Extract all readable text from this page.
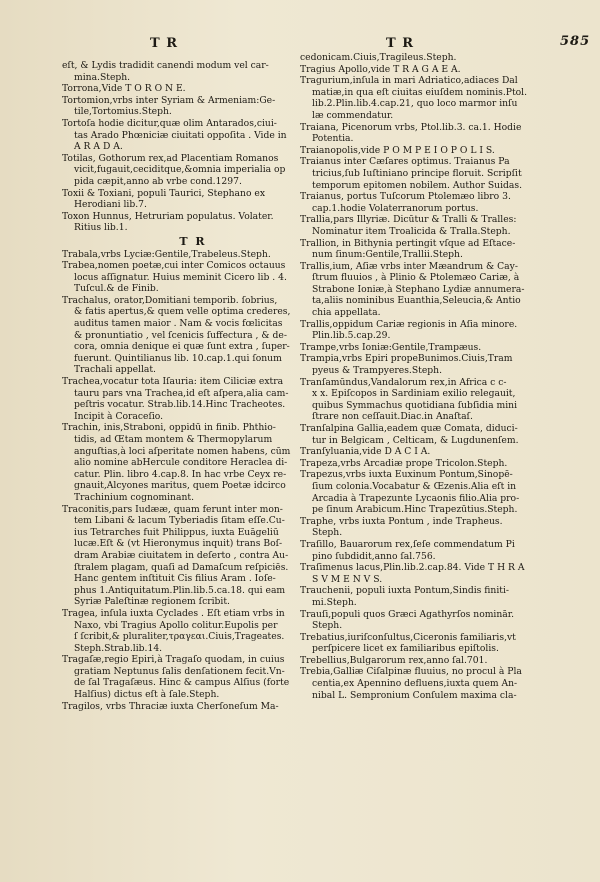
T R	T R	585
eſt, & Lydis tradidit canendi modum vel car-
mina.Steph.
Torrona,Vide T O R O N E.
Tortomion,vrbs inter Syriam & Armeniam:Ge-
tile,Tortomius.Steph.
Tortoſa hodie dicitur,quæ olim Antarados,ciui-
tas Arado Phœniciæ ciuitati oppoſita . Vide in
A R A D A.
Totilas, Gothorum rex,ad Placentiam Romanos
vicit,fugauit,ceciditque,&omnia imperialia op
pida cæpit,anno ab vrbe cond.1297.
Toxii & Toxiani, populi Taurici, Stephano ex
Herodiani lib.7.
Toxon Hunnus, Hetruriam populatus. Volater.
Ritius lib.1.
T R
Trabala,vrbs Lyciæ:Gentile,Trabeleus.Steph.
Trabea,nomen poetæ,cui inter Comicos octauus
locus aſſignatur. Huius meminit Cicero lib . 4.
Tuſcul.& de Finib.
Trachalus, orator,Domitiani temporib. ſobrius,
& fatis apertus,& quem velle optima crederes,
auditus tamen maior . Nam & vocis fœlicitas
& pronuntiatio , vel ſcenicis ſuffectura , & de-
cora, omnia denique ei quæ ſunt extra , ſuper-
fuerunt. Quintilianus lib. 10.cap.1.qui ſonum
Trachali appellat.
Trachea,vocatur tota Iſauria: item Ciliciæ extra
tauru pars vna Trachea,id eſt aſpera,alia cam-
peſtris vocatur. Strab.lib.14.Hinc Tracheotes.
Incipit à Coraceſio.
Trachin, inis,Straboni, oppidū in finib. Phthio-
tidis, ad Œtam montem & Thermopylarum
anguſtias,à loci aſperitate nomen habens, cūm
alio nomine abHercule conditore Heraclea di-
catur. Plin. libro 4.cap.8. In hac vrbe Ceyx re-
gnauit,Alcyones maritus, quem Poetæ idcirco
Trachinium cognominant.
Traconitis,pars Iudææ, quam ferunt inter mon-
tem Libani & lacum Tyberiadis ſitam eſſe.Cu-
ius Tetrarches fuit Philippus, iuxta Euāgeliū
lucæ.Eſt & (vt Hieronymus inquit) trans Boſ-
dram Arabiæ ciuitatem in deſerto , contra Au-
ſtralem plagam, quaſi ad Damaſcum reſpiciēs.
Hanc gentem inſtituit Cis filius Aram . Ioſe-
phus 1.Antiquitatum.Plin.lib.5.ca.18. qui eam
Syriæ Paleſtinæ regionem ſcribit.
Tragea, inſula iuxta Cyclades . Eſt etiam vrbs in
Naxo, vbi Tragius Apollo colitur.Eupolis per
ſ ſcribit,& pluraliter,τραγεαι.Ciuis,Trageates.
Steph.Strab.lib.14.
Tragaſæ,regio Epiri,à Tragaſo quodam, in cuius
gratiam Neptunus ſalis denſationem fecit.Vn-
de ſal Tragaſæus. Hinc & campus Alſius (forte
Halſius) dictus eſt à ſale.Steph.
Tragilos, vrbs Thraciæ iuxta Cherſoneſum Ma-
cedonicam.Ciuis,Tragileus.Steph.
Tragius Apollo,vide T R A G A E A.
Tragurium,inſula in mari Adriatico,adiaces Dal
matiæ,in qua eſt ciuitas eiuſdem nominis.Ptol.
lib.2.Plin.lib.4.cap.21, quo loco marmor inſu
læ commendatur.
Traiana, Picenorum vrbs, Ptol.lib.3. ca.1. Hodie
Potentia.
Traianopolis,vide P O M P E I O P O L I S.
Traianus inter Cæſares optimus. Traianus Pa
tricius,ſub Iuſtiniano principe floruit. Scripſit
temporum epitomen nobilem. Author Suidas.
Traianus, portus Tuſcorum Ptolemæo libro 3.
cap.1.hodie Volaterranorum portus.
Trallia,pars Illyriæ. Dicūtur & Tralli & Tralles:
Nominatur item Troalicida & Tralla.Steph.
Trallion, in Bithynia pertingit vſque ad Eſtace-
num ſinum:Gentile,Trallii.Steph.
Trallis,ium, Aſiæ vrbs inter Mæandrum & Cay-
ſtrum fluuios , à Plinio & Ptolemæo Cariæ, à
Strabone Ioniæ,à Stephano Lydiæ annumera-
ta,aliis nominibus Euanthia,Seleucia,& Antio
chia appellata.
Trallis,oppidum Cariæ regionis in Aſia minore.
Plin.lib.5.cap.29.
Trampe,vrbs Ioniæ:Gentile,Trampæus.
Trampia,vrbs Epiri propeBunimos.Ciuis,Tram
pyeus & Trampyeres.Steph.
Tranſamūndus,Vandalorum rex,in Africa c c-
x x. Epiſcopos in Sardiniam exilio relegauit,
quibus Symmachus quotidiana ſubſidia mini
ſtrare non ceſſauit.Diac.in Anaſtaſ.
Tranſalpina Gallia,eadem quæ Comata, diduci-
tur in Belgicam , Celticam, & Lugdunenſem.
Tranſyluania,vide D A C I A.
Trapeza,vrbs Arcadiæ prope Tricolon.Steph.
Trapezus,vrbs iuxta Euxinum Pontum,Sinopē-
ſium colonia.Vocabatur & Œzenis.Alia eſt in
Arcadia à Trapezunte Lycaonis filio.Alia pro-
pe ſinum Arabicum.Hinc Trapezūtius.Steph.
Traphe, vrbs iuxta Pontum , inde Trapheus.
Steph.
Traſillo, Bauarorum rex,ſeſe commendatum Pi
pino ſubdidit,anno ſal.756.
Traſimenus lacus,Plin.lib.2.cap.84. Vide T H R A
S V M E N V S.
Trauchenii, populi iuxta Pontum,Sindis finiti-
mi.Steph.
Trauſi,populi quos Græci Agathyrſos nominār.
Steph.
Trebatius,iuriſconſultus,Ciceronis familiaris,vt
perſpicere licet ex familiaribus epiſtolis.
Trebellius,Bulgarorum rex,anno ſal.701.
Trebia,Galliæ Ciſalpinæ fluuius, no procul à Pla
centia,ex Apennino defluens,iuxta quem An-
nibal L. Sempronium Conſulem maxima cla-
